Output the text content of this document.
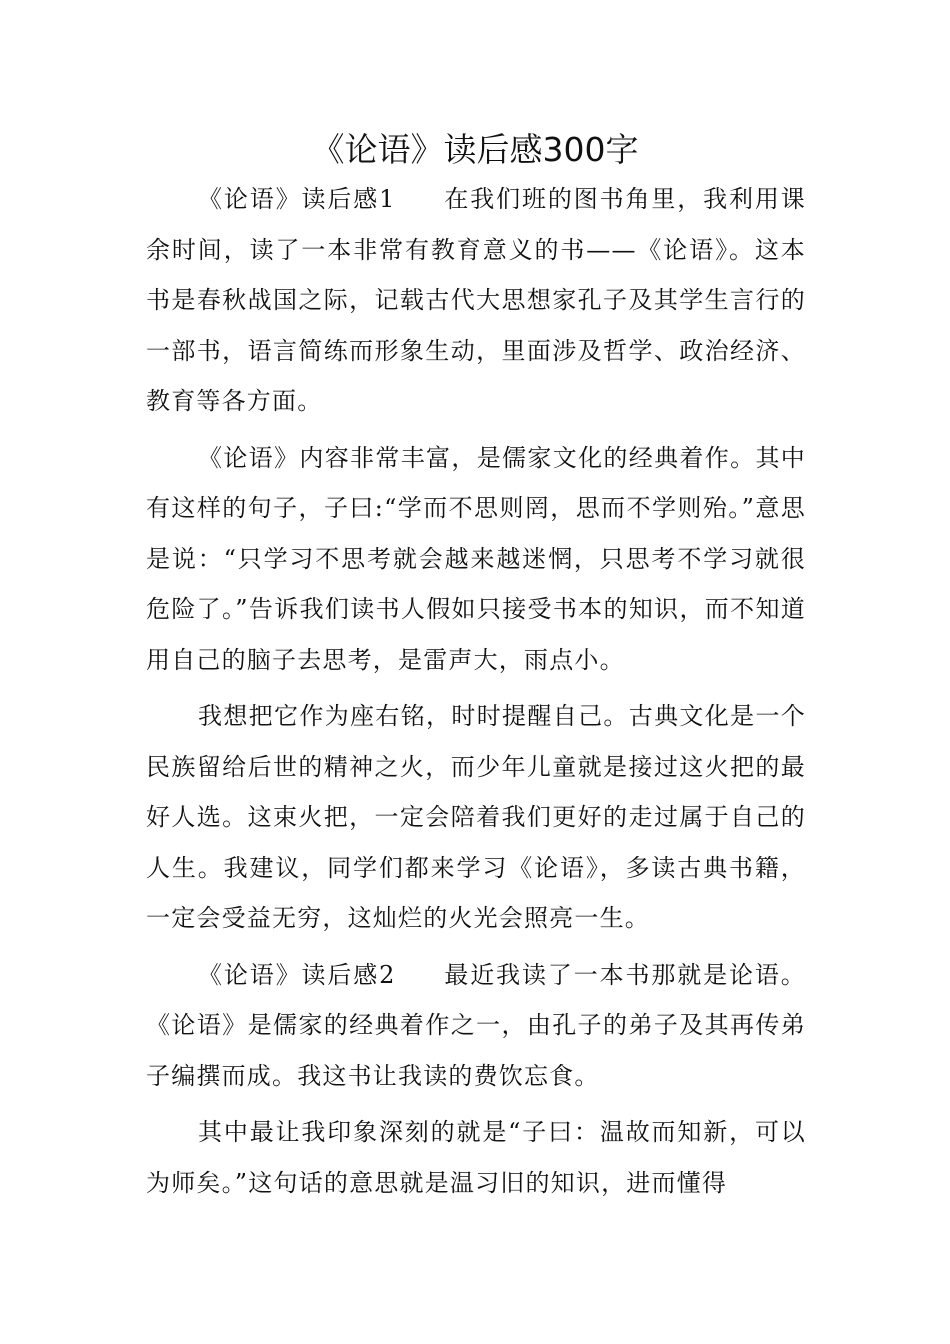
《论语》读后感300字

《论语》读后感1 在我们班的图书角里，我利用课余时间，读了一本非常有教育意义的书——《论语》。这本书是春秋战国之际，记载古代大思想家孔子及其学生言行的一部书，语言简练而形象生动，里面涉及哲学、政治经济、教育等各方面。

《论语》内容非常丰富，是儒家文化的经典着作。其中有这样的句子，子曰:“学而不思则罔，思而不学则殆。”意思是说：“只学习不思考就会越来越迷惘，只思考不学习就很危险了。”告诉我们读书人假如只接受书本的知识，而不知道用自己的脑子去思考，是雷声大，雨点小。

我想把它作为座右铭，时时提醒自己。古典文化是一个民族留给后世的精神之火，而少年儿童就是接过这火把的最好人选。这束火把，一定会陪着我们更好的走过属于自己的人生。我建议，同学们都来学习《论语》，多读古典书籍，一定会受益无穷，这灿烂的火光会照亮一生。

《论语》读后感2 最近我读了一本书那就是论语。《论语》是儒家的经典着作之一，由孔子的弟子及其再传弟子编撰而成。我这书让我读的费饮忘食。

其中最让我印象深刻的就是“子曰：温故而知新，可以为师矣。”这句话的意思就是温习旧的知识，进而懂得
